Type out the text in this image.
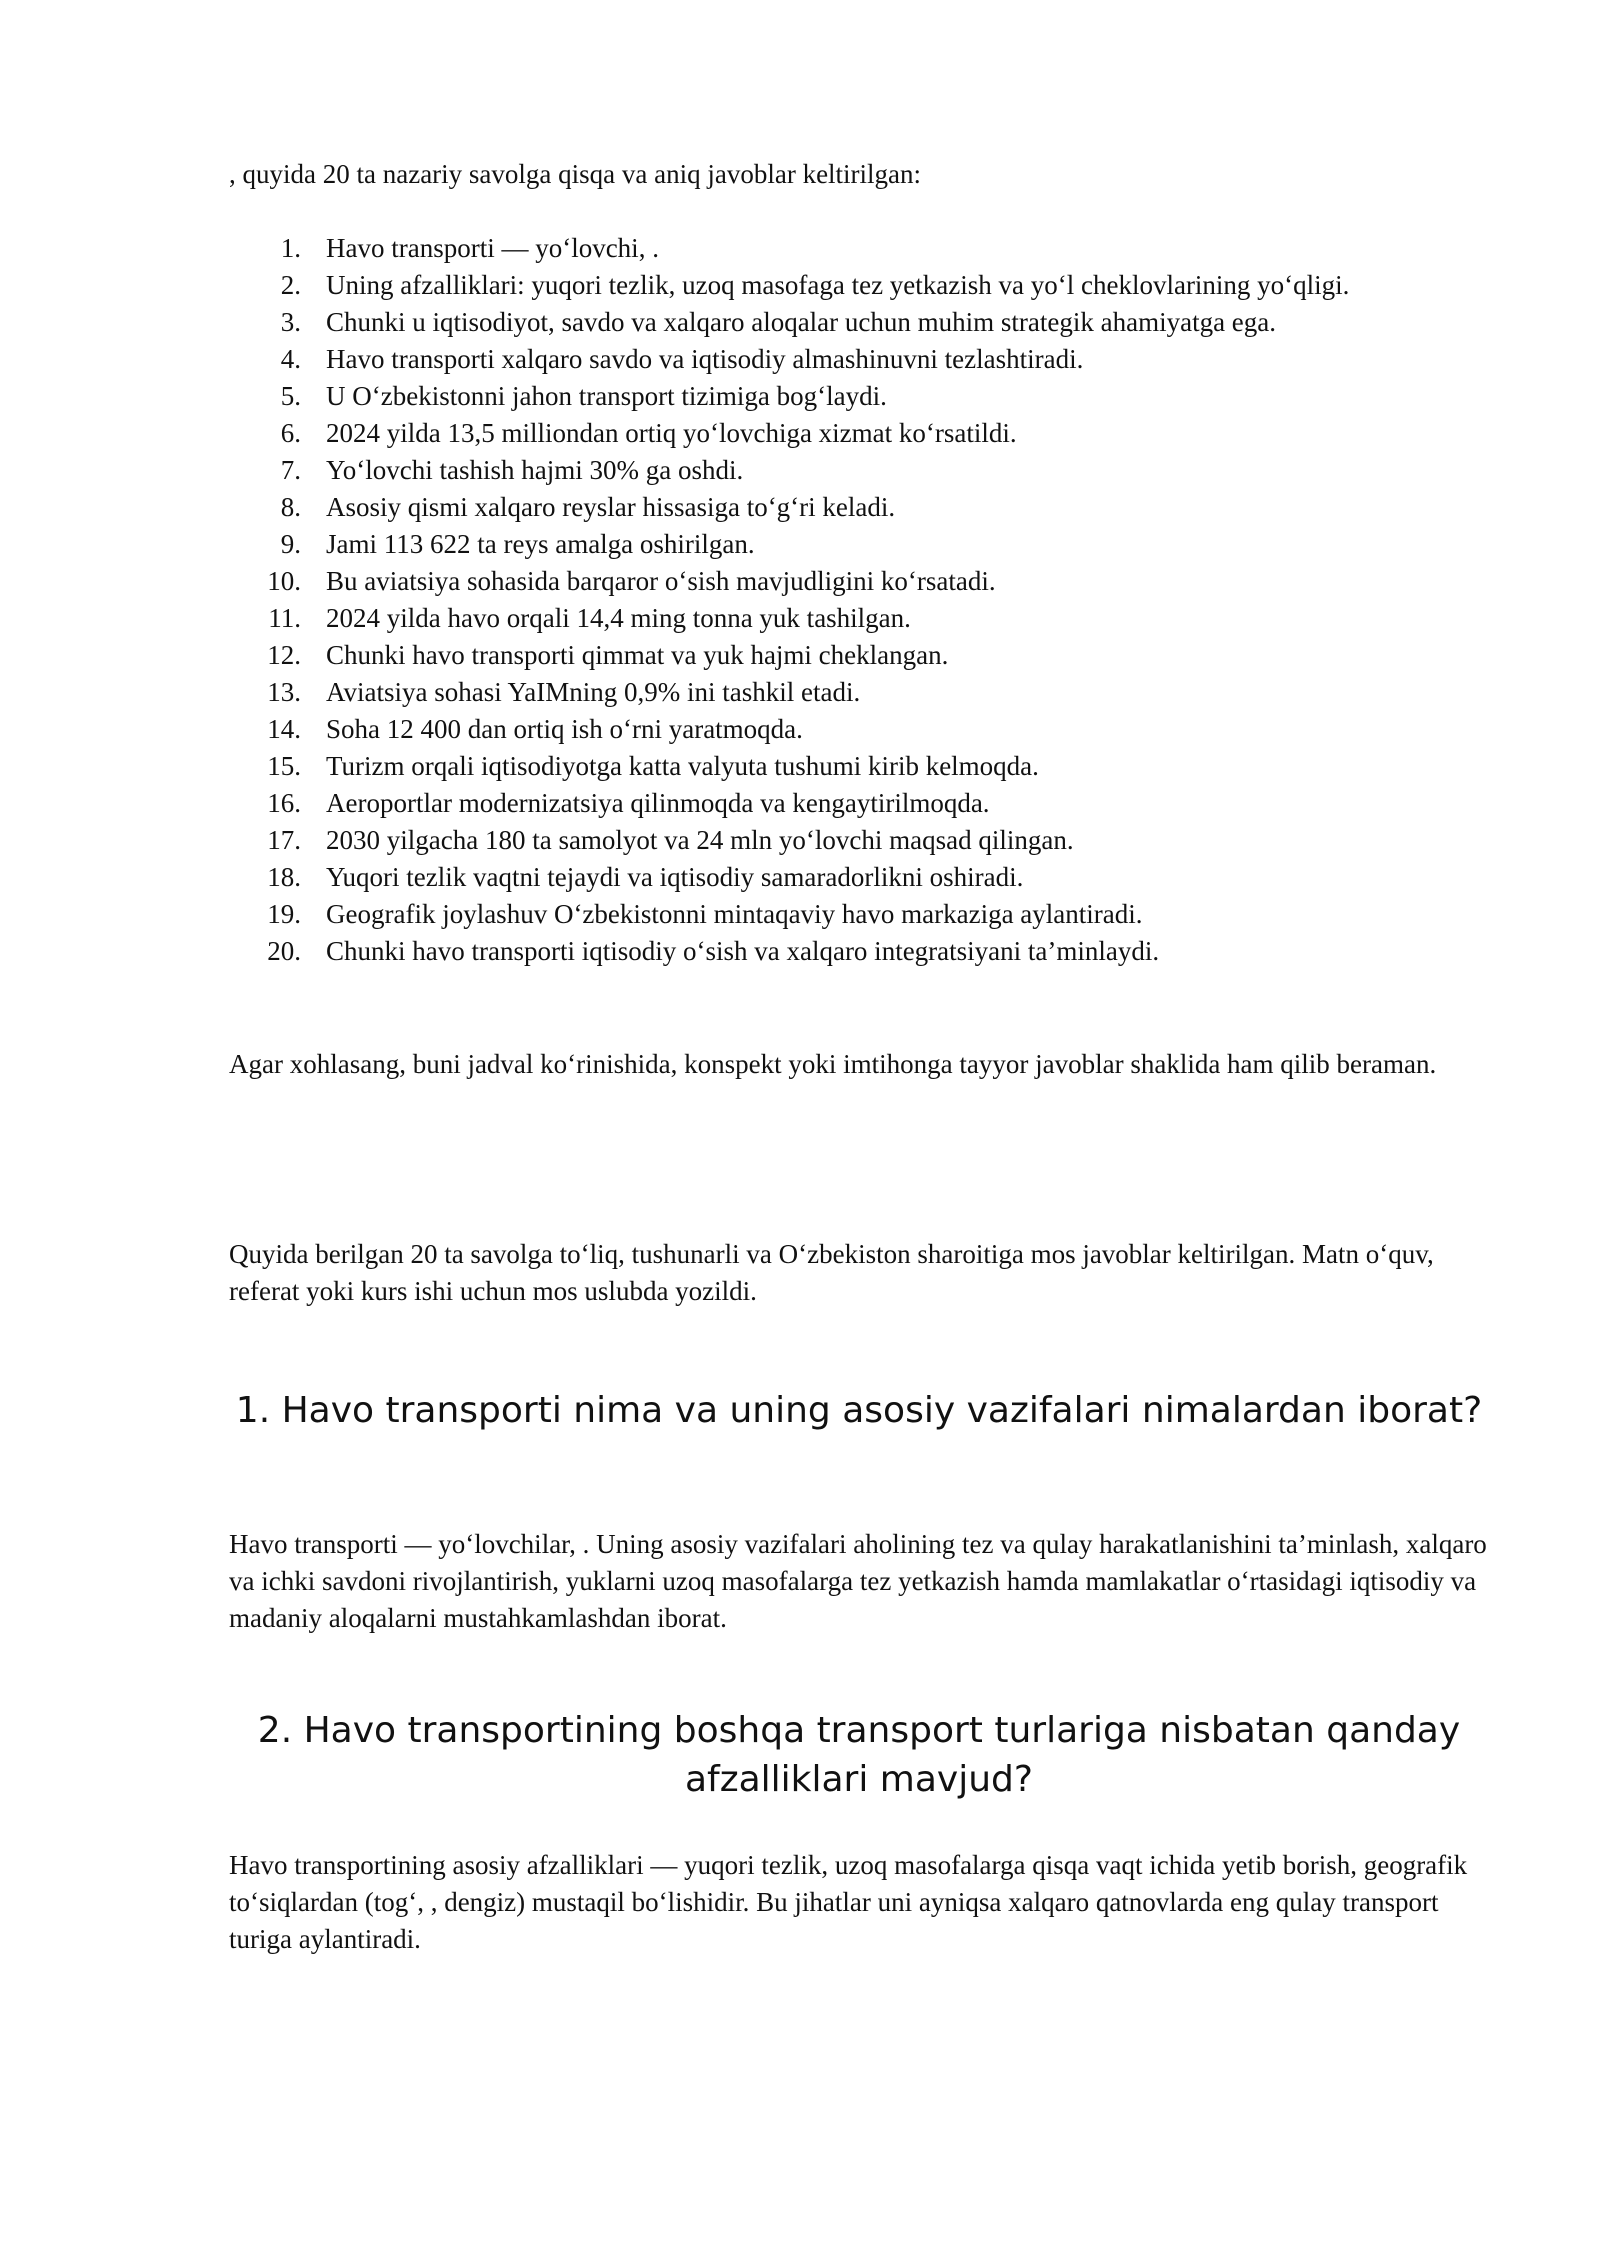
, quyida 20 ta nazariy savolga qisqa va aniq javoblar keltirilgan:

1. Havo transporti — yo‘lovchi, .
2. Uning afzalliklari: yuqori tezlik, uzoq masofaga tez yetkazish va yo‘l cheklovlarining yo‘qligi.
3. Chunki u iqtisodiyot, savdo va xalqaro aloqalar uchun muhim strategik ahamiyatga ega.
4. Havo transporti xalqaro savdo va iqtisodiy almashinuvni tezlashtiradi.
5. U O‘zbekistonni jahon transport tizimiga bog‘laydi.
6. 2024 yilda 13,5 milliondan ortiq yo‘lovchiga xizmat ko‘rsatildi.
7. Yo‘lovchi tashish hajmi 30% ga oshdi.
8. Asosiy qismi xalqaro reyslar hissasiga to‘g‘ri keladi.
9. Jami 113 622 ta reys amalga oshirilgan.
10. Bu aviatsiya sohasida barqaror o‘sish mavjudligini ko‘rsatadi.
11. 2024 yilda havo orqali 14,4 ming tonna yuk tashilgan.
12. Chunki havo transporti qimmat va yuk hajmi cheklangan.
13. Aviatsiya sohasi YaIMning 0,9% ini tashkil etadi.
14. Soha 12 400 dan ortiq ish o‘rni yaratmoqda.
15. Turizm orqali iqtisodiyotga katta valyuta tushumi kirib kelmoqda.
16. Aeroportlar modernizatsiya qilinmoqda va kengaytirilmoqda.
17. 2030 yilgacha 180 ta samolyot va 24 mln yo‘lovchi maqsad qilingan.
18. Yuqori tezlik vaqtni tejaydi va iqtisodiy samaradorlikni oshiradi.
19. Geografik joylashuv O‘zbekistonni mintaqaviy havo markaziga aylantiradi.
20. Chunki havo transporti iqtisodiy o‘sish va xalqaro integratsiyani ta’minlaydi.

Agar xohlasang, buni jadval ko‘rinishida, konspekt yoki imtihonga tayyor javoblar shaklida ham qilib beraman.

Quyida berilgan 20 ta savolga to‘liq, tushunarli va O‘zbekiston sharoitiga mos javoblar keltirilgan. Matn o‘quv, referat yoki kurs ishi uchun mos uslubda yozildi.

1. Havo transporti nima va uning asosiy vazifalari nimalardan iborat?

Havo transporti — yo‘lovchilar, . Uning asosiy vazifalari aholining tez va qulay harakatlanishini ta’minlash, xalqaro va ichki savdoni rivojlantirish, yuklarni uzoq masofalarga tez yetkazish hamda mamlakatlar o‘rtasidagi iqtisodiy va madaniy aloqalarni mustahkamlashdan iborat.

2. Havo transportining boshqa transport turlariga nisbatan qanday afzalliklari mavjud?

Havo transportining asosiy afzalliklari — yuqori tezlik, uzoq masofalarga qisqa vaqt ichida yetib borish, geografik to‘siqlardan (tog‘, , dengiz) mustaqil bo‘lishidir. Bu jihatlar uni ayniqsa xalqaro qatnovlarda eng qulay transport turiga aylantiradi.
